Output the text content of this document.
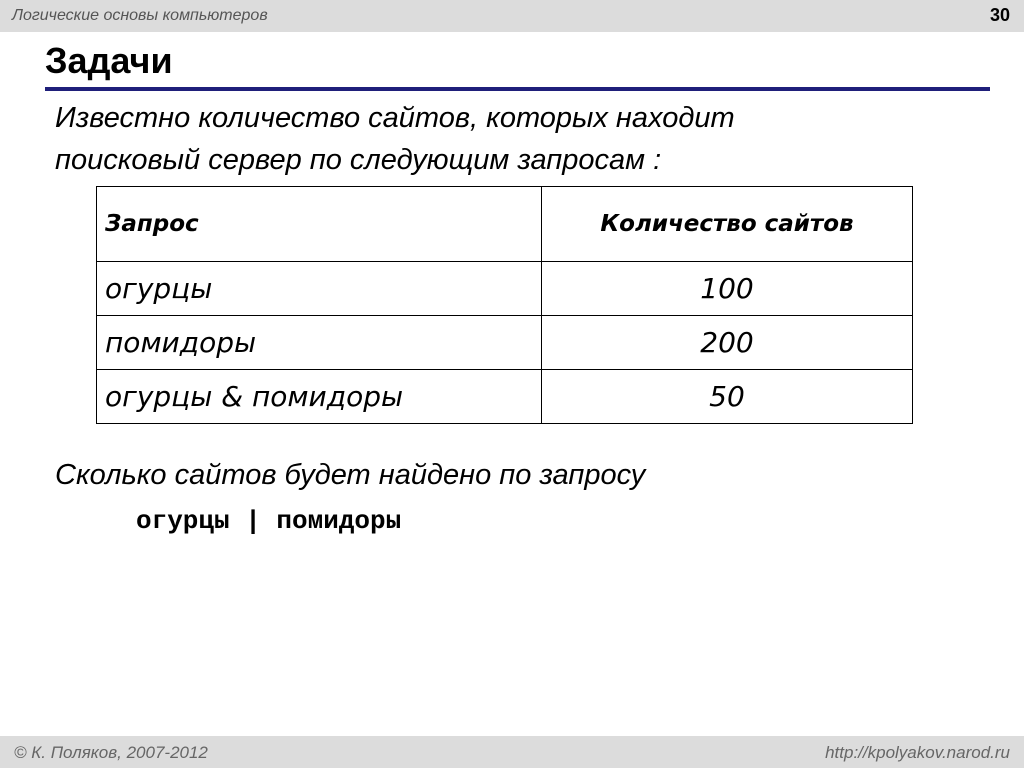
Логические основы компьютеров	30
Задачи
Известно количество сайтов, которых находит
поисковый сервер по следующим запросам :
Запрос	Количество сайтов
огурцы	100
помидоры	200
огурцы & помидоры	50
Сколько сайтов будет найдено по запросу
огурцы | помидоры
© К. Поляков, 2007-2012	http://kpolyakov.narod.ru
